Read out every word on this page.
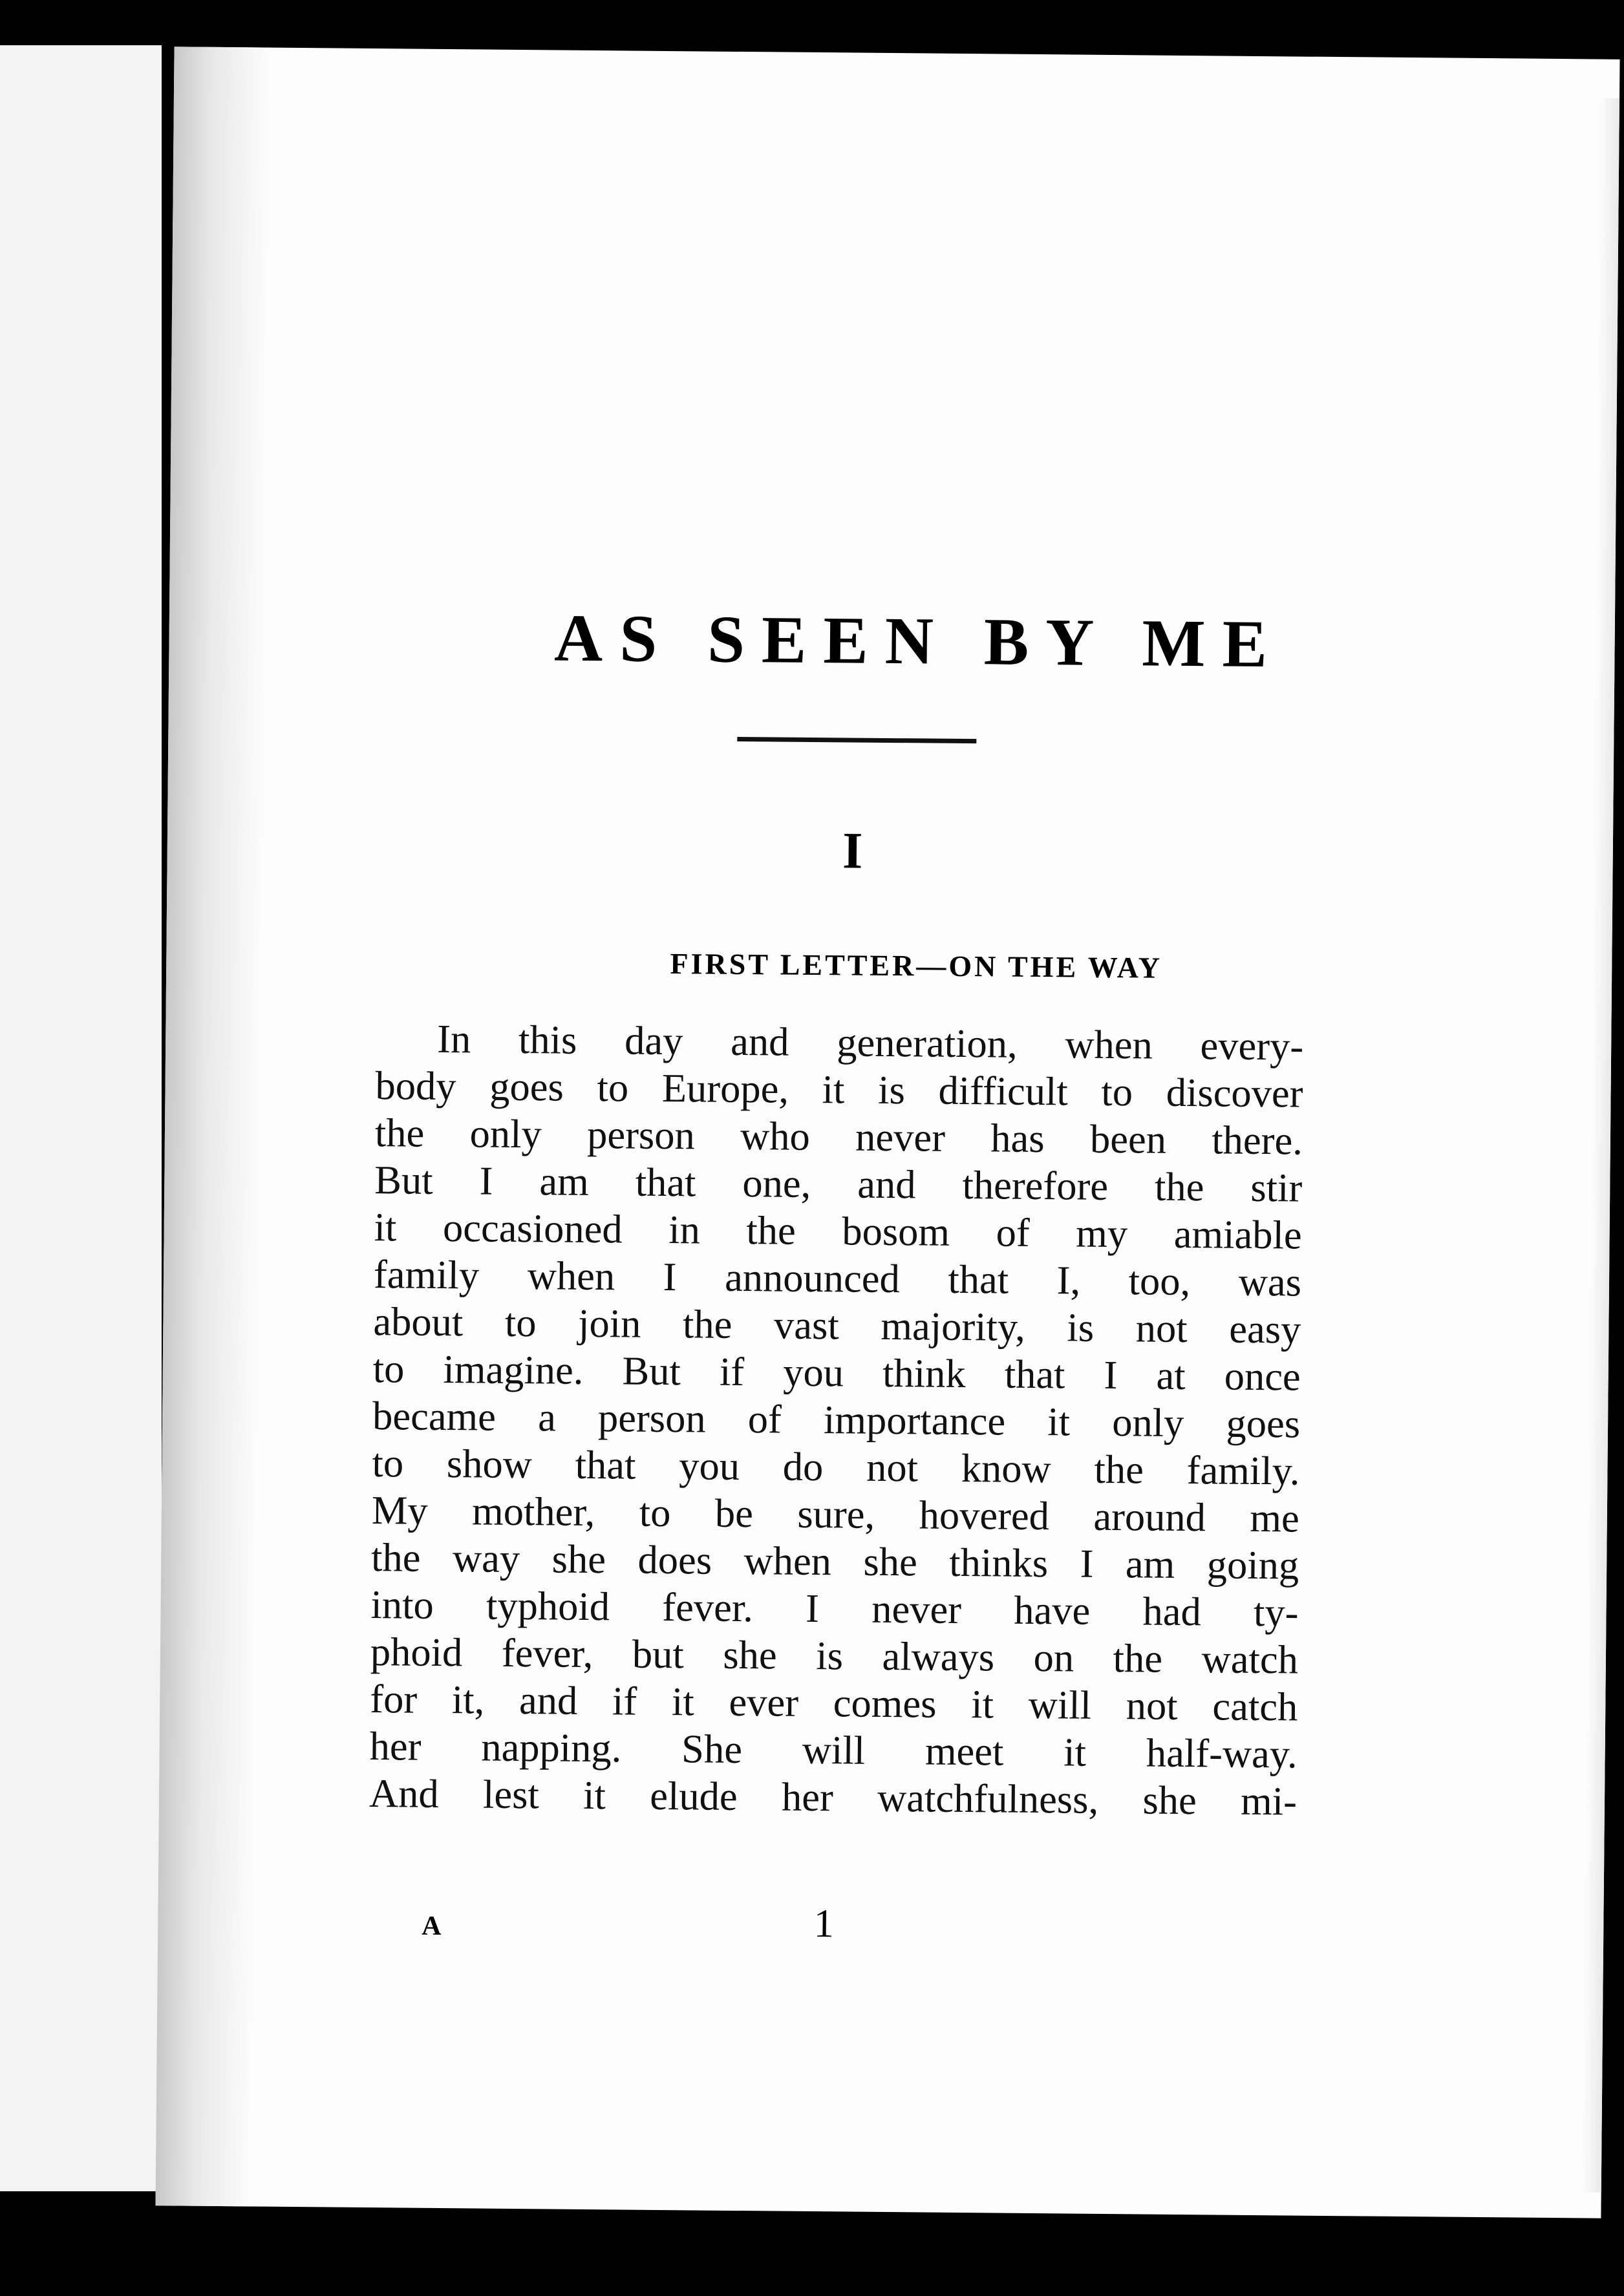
AS SEEN BY ME
I
FIRST LETTER—ON THE WAY
In this day and generation, when every-
body goes to Europe, it is difficult to discover
the only person who never has been there.
But I am that one, and therefore the stir
it occasioned in the bosom of my amiable
family when I announced that I, too, was
about to join the vast majority, is not easy
to imagine. But if you think that I at once
became a person of importance it only goes
to show that you do not know the family.
My mother, to be sure, hovered around me
the way she does when she thinks I am going
into typhoid fever. I never have had ty-
phoid fever, but she is always on the watch
for it, and if it ever comes it will not catch
her napping. She will meet it half-way.
And lest it elude her watchfulness, she mi-
A	1
